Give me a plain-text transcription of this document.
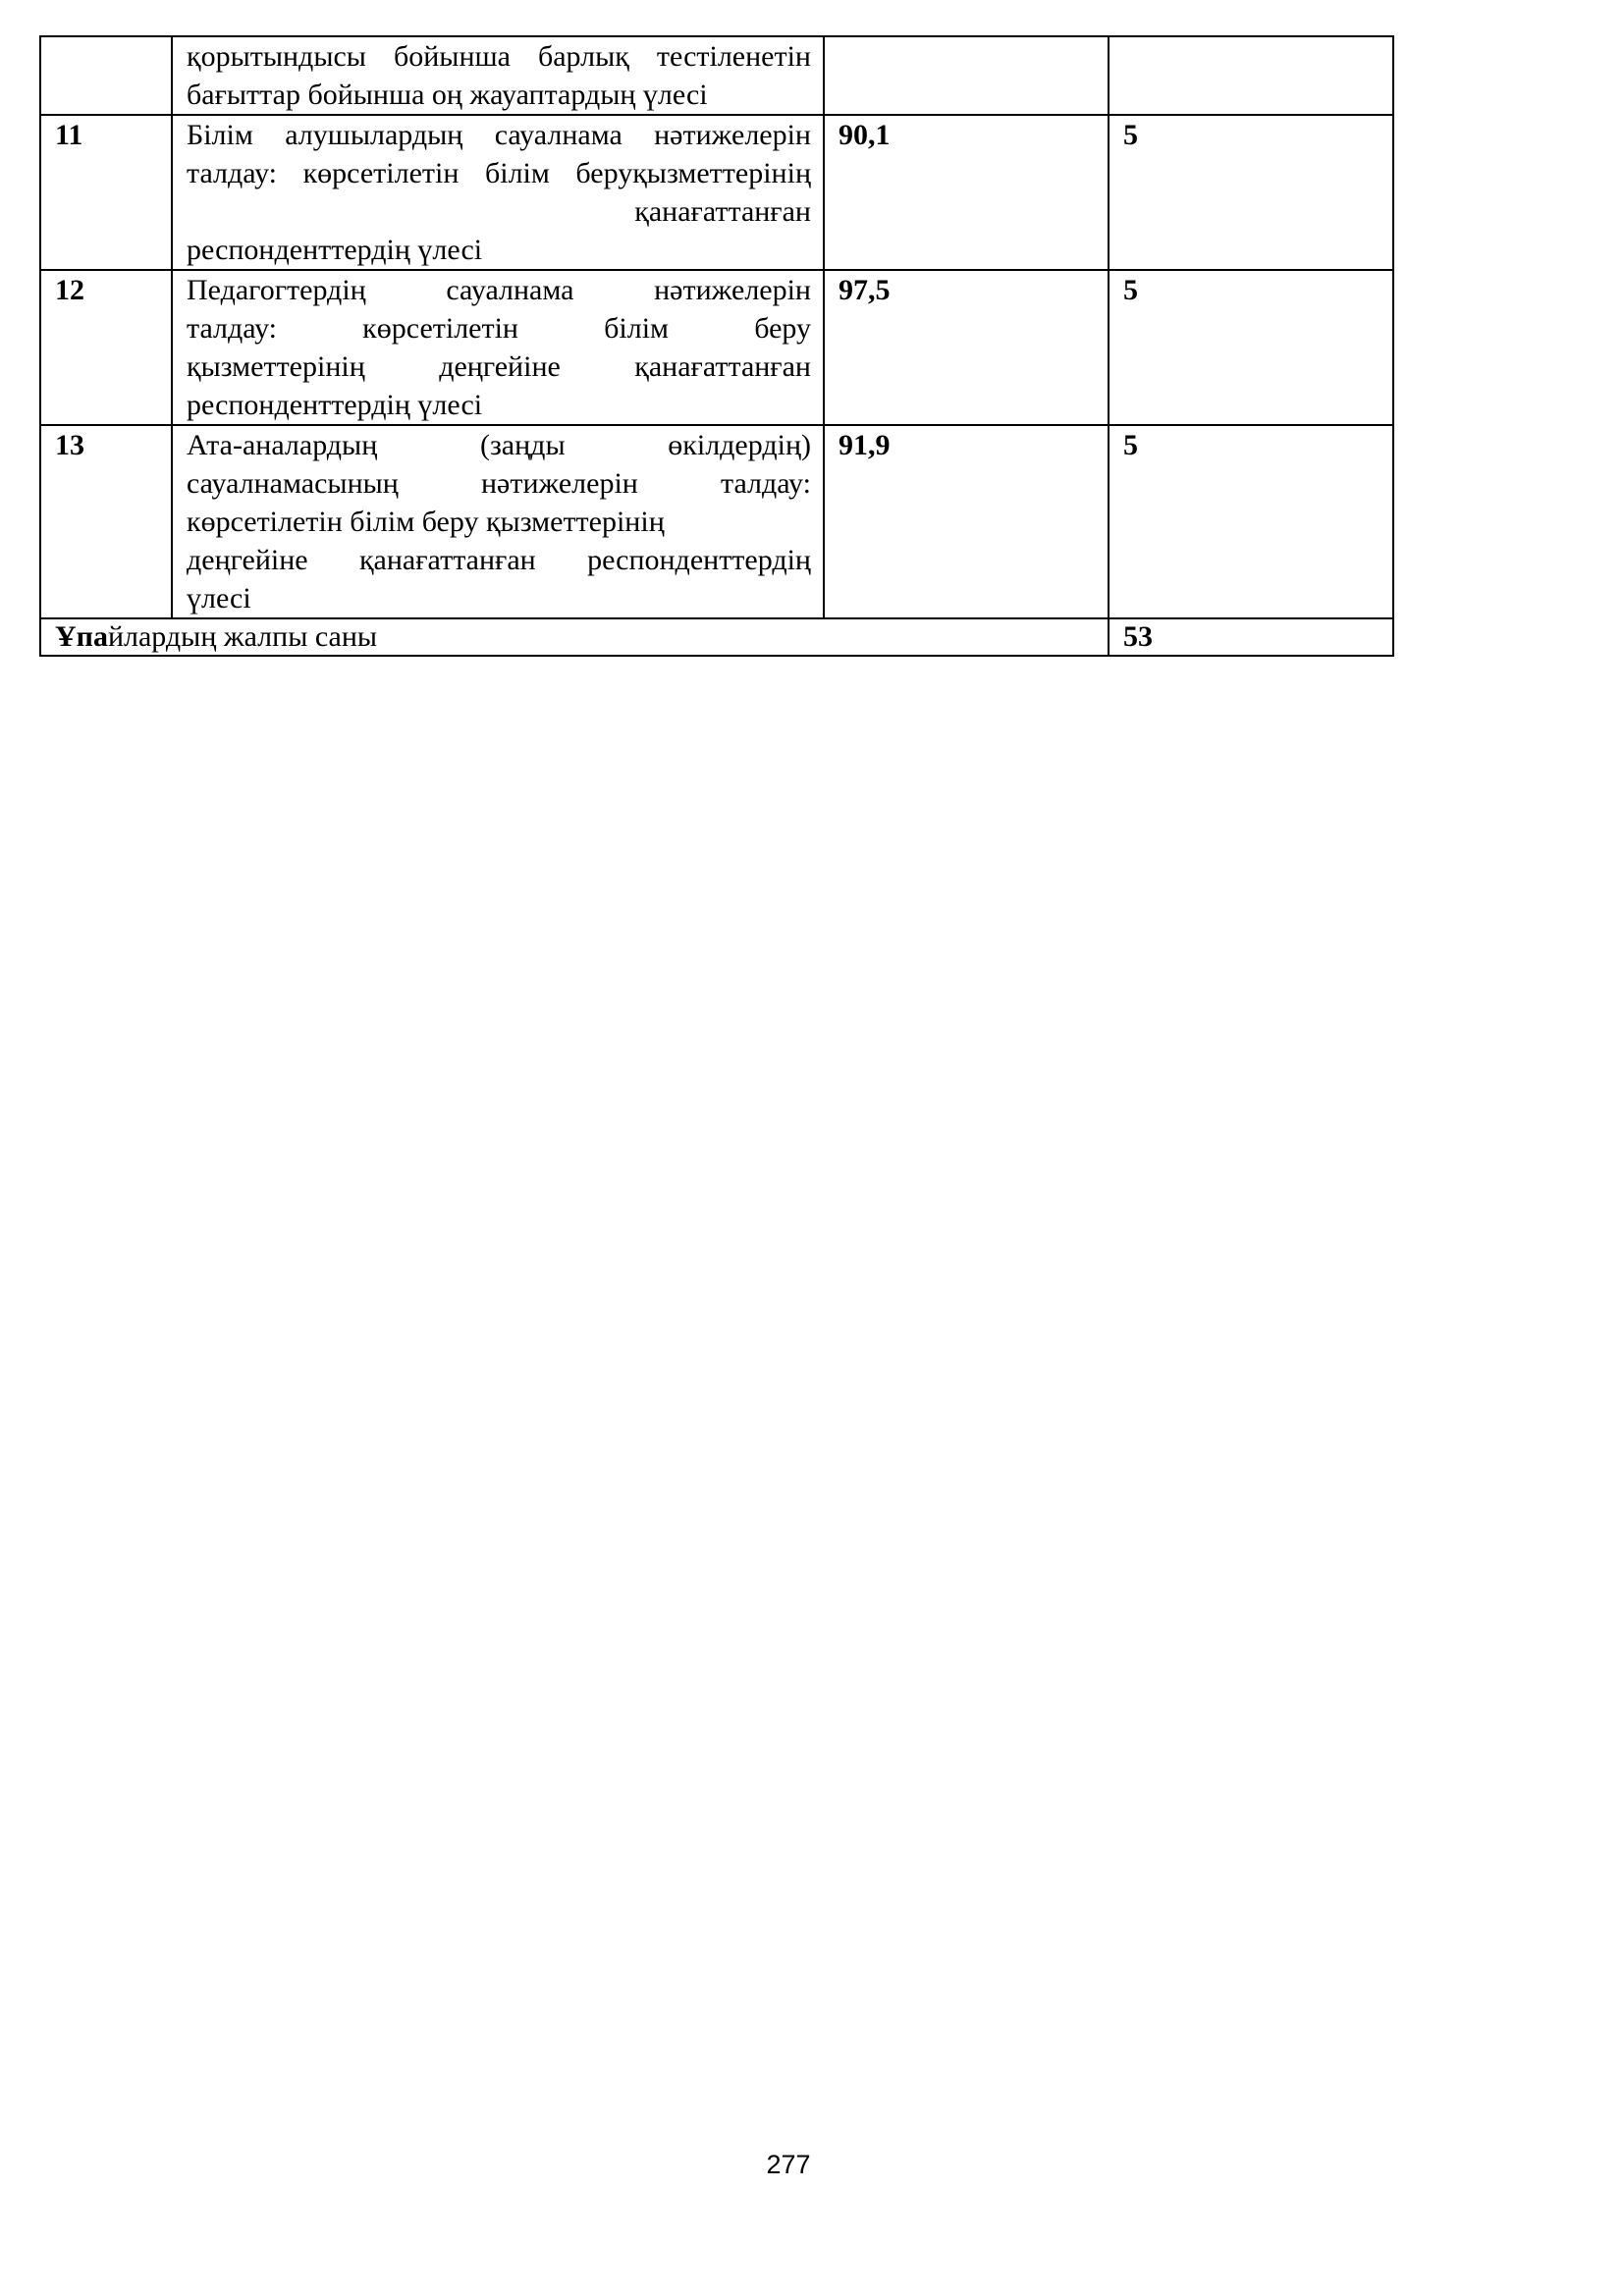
	қорытындысы бойынша барлық тестіленетін
бағыттар бойынша оң жауаптардың үлесі		

11	Білім алушылардың сауалнама нәтижелерін
талдау: көрсетілетін білім беруқызметтерінің
қанағаттанған
респонденттердің үлесі	90,1	5
12	Педагогтердің сауалнама нәтижелерін
талдау: көрсетілетін білім беру
қызметтерінің деңгейіне қанағаттанған
респонденттердің үлесі	97,5	5
13	Ата-аналардың (заңды өкілдердің)
сауалнамасының нәтижелерін талдау:
көрсетілетін білім беру қызметтерінің
деңгейіне қанағаттанған респонденттердің
үлесі	91,9	5
Ұпайлардың жалпы саны			53
277
